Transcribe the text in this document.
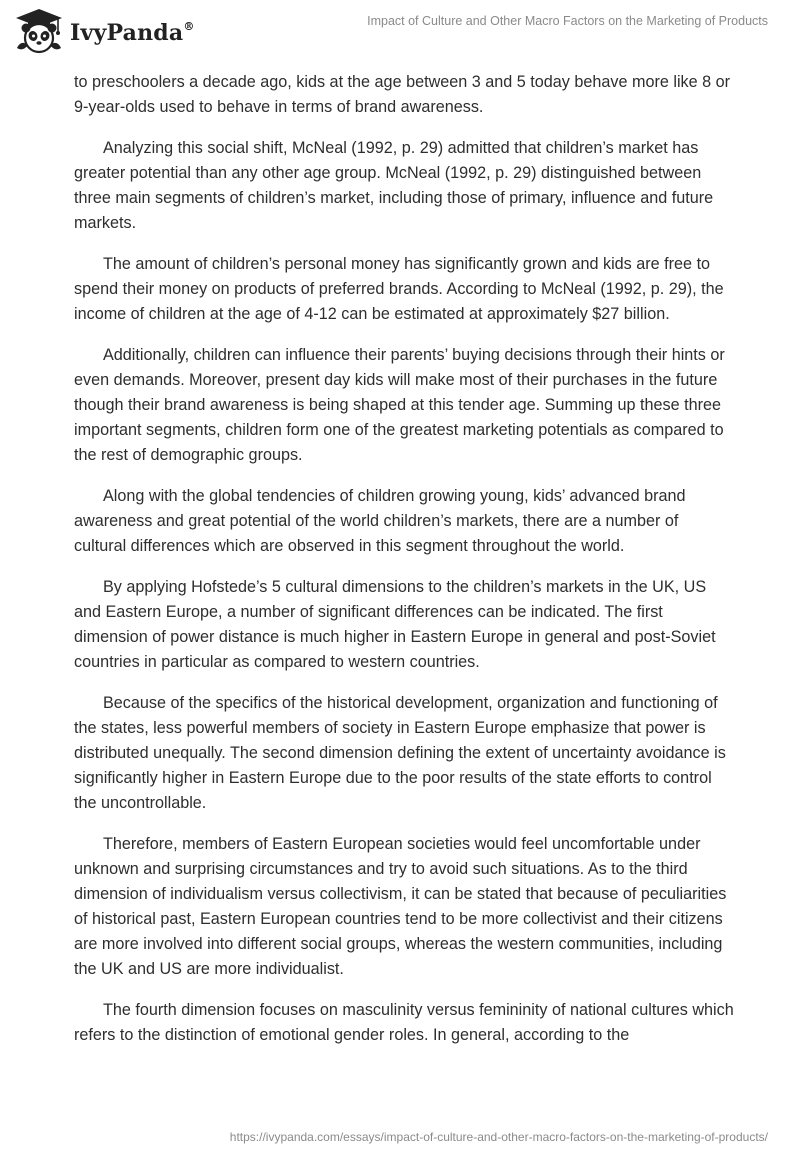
IvyPanda®	Impact of Culture and Other Macro Factors on the Marketing of Products

to preschoolers a decade ago, kids at the age between 3 and 5 today behave more like 8 or 9-year-olds used to behave in terms of brand awareness.

Analyzing this social shift, McNeal (1992, p. 29) admitted that children’s market has greater potential than any other age group. McNeal (1992, p. 29) distinguished between three main segments of children’s market, including those of primary, influence and future markets.

The amount of children’s personal money has significantly grown and kids are free to spend their money on products of preferred brands. According to McNeal (1992, p. 29), the income of children at the age of 4-12 can be estimated at approximately $27 billion.

Additionally, children can influence their parents’ buying decisions through their hints or even demands. Moreover, present day kids will make most of their purchases in the future though their brand awareness is being shaped at this tender age. Summing up these three important segments, children form one of the greatest marketing potentials as compared to the rest of demographic groups.

Along with the global tendencies of children growing young, kids’ advanced brand awareness and great potential of the world children’s markets, there are a number of cultural differences which are observed in this segment throughout the world.

By applying Hofstede’s 5 cultural dimensions to the children’s markets in the UK, US and Eastern Europe, a number of significant differences can be indicated. The first dimension of power distance is much higher in Eastern Europe in general and post-Soviet countries in particular as compared to western countries.

Because of the specifics of the historical development, organization and functioning of the states, less powerful members of society in Eastern Europe emphasize that power is distributed unequally. The second dimension defining the extent of uncertainty avoidance is significantly higher in Eastern Europe due to the poor results of the state efforts to control the uncontrollable.

Therefore, members of Eastern European societies would feel uncomfortable under unknown and surprising circumstances and try to avoid such situations. As to the third dimension of individualism versus collectivism, it can be stated that because of peculiarities of historical past, Eastern European countries tend to be more collectivist and their citizens are more involved into different social groups, whereas the western communities, including the UK and US are more individualist.

The fourth dimension focuses on masculinity versus femininity of national cultures which refers to the distinction of emotional gender roles. In general, according to the

https://ivypanda.com/essays/impact-of-culture-and-other-macro-factors-on-the-marketing-of-products/
